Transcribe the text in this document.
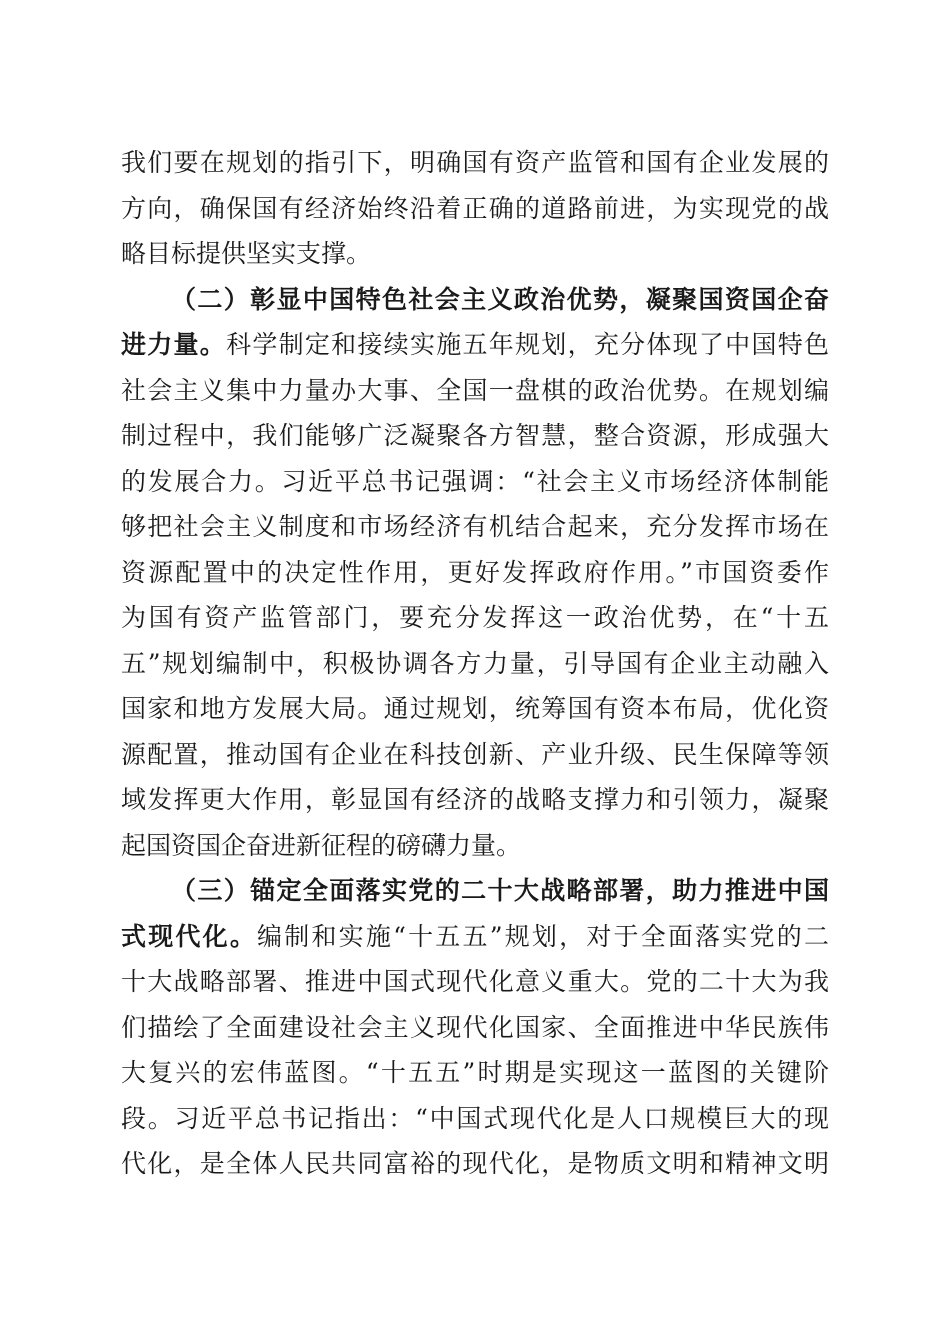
我们要在规划的指引下，明确国有资产监管和国有企业发展的
方向，确保国有经济始终沿着正确的道路前进，为实现党的战
略目标提供坚实支撑。
（二）彰显中国特色社会主义政治优势，凝聚国资国企奋
进力量。科学制定和接续实施五年规划，充分体现了中国特色
社会主义集中力量办大事、全国一盘棋的政治优势。在规划编
制过程中，我们能够广泛凝聚各方智慧，整合资源，形成强大
的发展合力。习近平总书记强调：“社会主义市场经济体制能
够把社会主义制度和市场经济有机结合起来，充分发挥市场在
资源配置中的决定性作用，更好发挥政府作用。”市国资委作
为国有资产监管部门，要充分发挥这一政治优势，在“十五
五”规划编制中，积极协调各方力量，引导国有企业主动融入
国家和地方发展大局。通过规划，统筹国有资本布局，优化资
源配置，推动国有企业在科技创新、产业升级、民生保障等领
域发挥更大作用，彰显国有经济的战略支撑力和引领力，凝聚
起国资国企奋进新征程的磅礴力量。
（三）锚定全面落实党的二十大战略部署，助力推进中国
式现代化。编制和实施“十五五”规划，对于全面落实党的二
十大战略部署、推进中国式现代化意义重大。党的二十大为我
们描绘了全面建设社会主义现代化国家、全面推进中华民族伟
大复兴的宏伟蓝图。“十五五”时期是实现这一蓝图的关键阶
段。习近平总书记指出：“中国式现代化是人口规模巨大的现
代化，是全体人民共同富裕的现代化，是物质文明和精神文明
